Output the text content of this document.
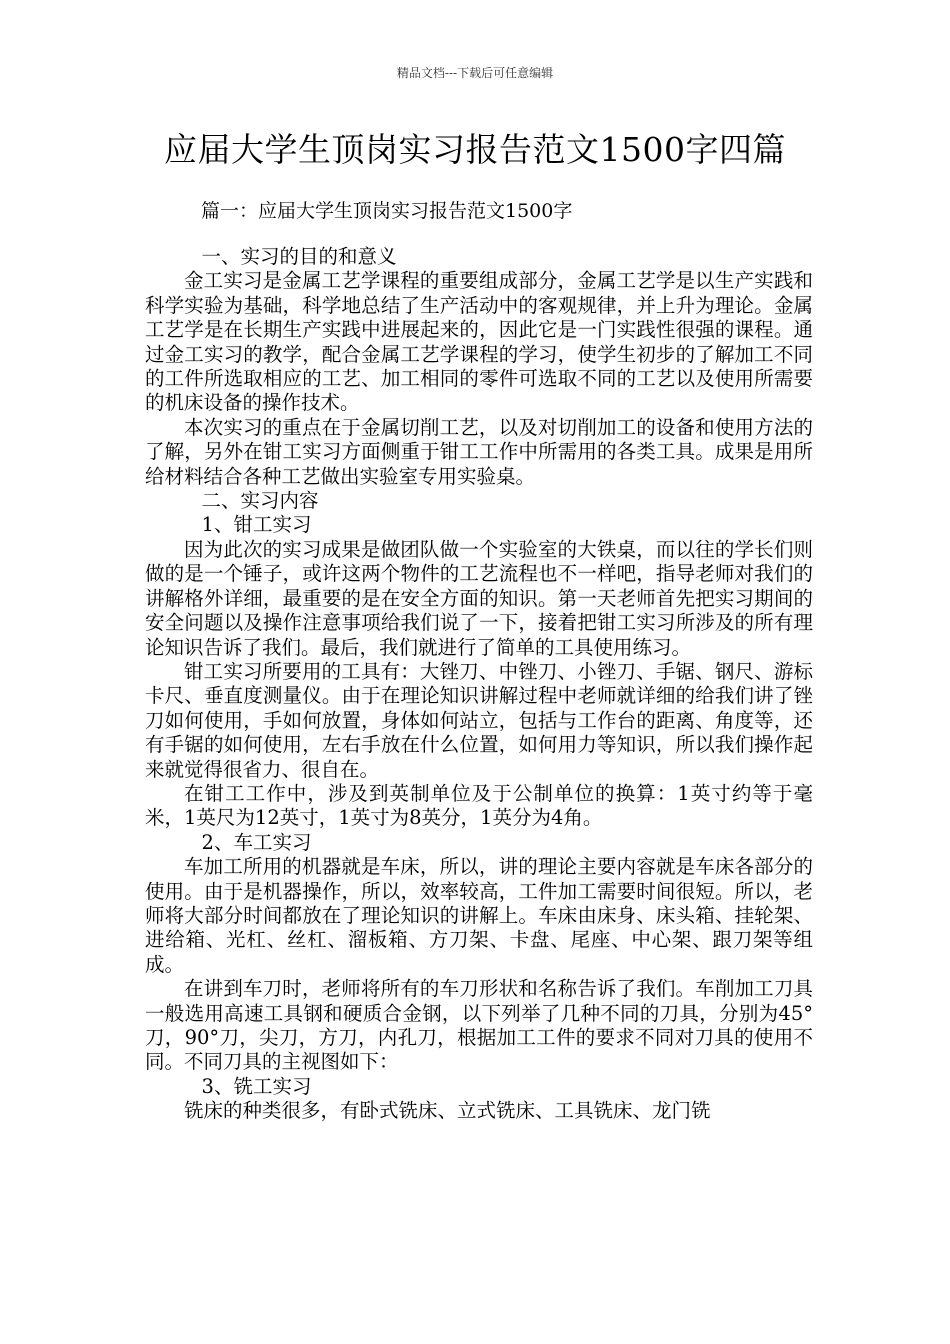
精品文档---下载后可任意编辑
应届大学生顶岗实习报告范文1500字四篇
篇一：应届大学生顶岗实习报告范文1500字

一、实习的目的和意义

金工实习是金属工艺学课程的重要组成部分，金属工艺学是以生产实践和科学实验为基础，科学地总结了生产活动中的客观规律，并上升为理论。金属工艺学是在长期生产实践中进展起来的，因此它是一门实践性很强的课程。通过金工实习的教学，配合金属工艺学课程的学习，使学生初步的了解加工不同的工件所选取相应的工艺、加工相同的零件可选取不同的工艺以及使用所需要的机床设备的操作技术。

本次实习的重点在于金属切削工艺，以及对切削加工的设备和使用方法的了解，另外在钳工实习方面侧重于钳工工作中所需用的各类工具。成果是用所给材料结合各种工艺做出实验室专用实验桌。

二、实习内容

1、钳工实习

因为此次的实习成果是做团队做一个实验室的大铁桌，而以往的学长们则做的是一个锤子，或许这两个物件的工艺流程也不一样吧，指导老师对我们的讲解格外详细，最重要的是在安全方面的知识。第一天老师首先把实习期间的安全问题以及操作注意事项给我们说了一下，接着把钳工实习所涉及的所有理论知识告诉了我们。最后，我们就进行了简单的工具使用练习。

钳工实习所要用的工具有：大锉刀、中锉刀、小锉刀、手锯、钢尺、游标卡尺、垂直度测量仪。由于在理论知识讲解过程中老师就详细的给我们讲了锉刀如何使用，手如何放置，身体如何站立，包括与工作台的距离、角度等，还有手锯的如何使用，左右手放在什么位置，如何用力等知识，所以我们操作起来就觉得很省力、很自在。

在钳工工作中，涉及到英制单位及于公制单位的换算：1英寸约等于毫米，1英尺为12英寸，1英寸为8英分，1英分为4角。

2、车工实习

车加工所用的机器就是车床，所以，讲的理论主要内容就是车床各部分的使用。由于是机器操作，所以，效率较高，工件加工需要时间很短。所以，老师将大部分时间都放在了理论知识的讲解上。车床由床身、床头箱、挂轮架、进给箱、光杠、丝杠、溜板箱、方刀架、卡盘、尾座、中心架、跟刀架等组成。

在讲到车刀时，老师将所有的车刀形状和名称告诉了我们。车削加工刀具一般选用高速工具钢和硬质合金钢，以下列举了几种不同的刀具，分别为45°刀，90°刀，尖刀，方刀，内孔刀，根据加工工件的要求不同对刀具的使用不同。不同刀具的主视图如下：

3、铣工实习

铣床的种类很多，有卧式铣床、立式铣床、工具铣床、龙门铣
